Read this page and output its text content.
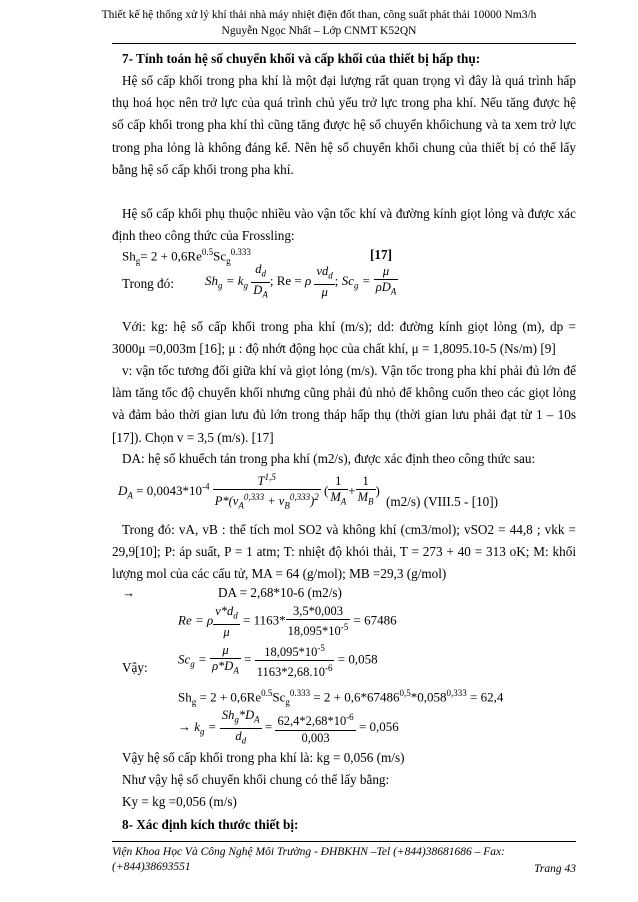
Thiết kế hệ thống xử lý khí thải nhà máy nhiệt điện đốt than, công suất phát thải 10000 Nm3/h
Nguyễn Ngọc Nhất – Lớp CNMT K52QN
7- Tính toán hệ số chuyển khối và cấp khối của thiết bị hấp thụ:
Hệ số cấp khối trong pha khí là một đại lượng rất quan trọng vì đây là quá trình hấp thụ hoá học nên trở lực của quá trình chủ yếu trở lực trong pha khí. Nếu tăng được hệ số cấp khối trong pha khí thì cũng tăng được hệ số chuyển khốichung và ta xem trở lực trong pha lỏng là không đáng kể. Nên hệ số chuyển khối chung của thiết bị có thể lấy bằng hệ số cấp khối trong pha khí.
Hệ số cấp khối phụ thuộc nhiều vào vận tốc khí và đường kính giọt lỏng và được xác định theo công thức của Frossling:
$Sh_g= 2 + 0,6Re^{0.5}Sc_g^{0.333}$	[17]
Trong đó: $Sh_g = k_g \frac{d_d}{D_A}$ ; Re = ρ $\frac{vd_d}{\mu}$ ; $Sc_g = \frac{\mu}{\rho D_A}$
Với: kg: hệ số cấp khối trong pha khí (m/s); dd: đường kính giọt lỏng (m), dp = 3000μ =0,003m [16]; μ : độ nhớt động học của chất khí, μ = 1,8095.10-5 (Ns/m) [9]
v: vận tốc tương đối giữa khí và giọt lỏng (m/s). Vận tốc trong pha khí phải đủ lớn để làm tăng tốc độ chuyển khối nhưng cũng phải đủ nhỏ để không cuốn theo các giọt lỏng và đảm bảo thời gian lưu đủ lớn trong tháp hấp thụ (thời gian lưu phải đạt từ 1 – 10s [17]). Chọn v = 3,5 (m/s). [17]
DA: hệ số khuếch tán trong pha khí (m2/s), được xác định theo công thức sau:
$D_A = 0,0043*10^{-4} \frac{T^{1,5}}{P*(v_A^{0,333} + v_B^{0,333})^2}$ ( $\frac{1}{M_A} + \frac{1}{M_B}$ )
(m2/s) (VIII.5 - [10])
Trong đó: vA, vB : thể tích mol SO2 và không khí (cm3/mol); vSO2 = 44,8 ; vkk = 29,9[10]; P: áp suất, P = 1 atm; T: nhiệt độ khói thải, T = 273 + 40 = 313 oK; M: khối lượng mol của các cấu tử, MA = 64 (g/mol); MB =29,3 (g/mol)
→	DA = 2,68*10-6 (m2/s)
Re = ρ $\frac{v*d_d}{\mu} = 1163* \frac{3,5*0,003}{18,095*10^{-5}} = 67486$
$Sc_g = \frac{\mu}{\rho*D_A} = \frac{18,095*10^{-5}}{1163*2,68.10^{-6}} = 0,058$
Vậy:
$Sh_g = 2 + 0,6Re^{0.5}Sc_g^{0.333} = 2 + 0,6*67486^{0,5}*0,058^{0,333} = 62,4$
→ $k_g = \frac{Sh_g*D_A}{d_d} = \frac{62,4*2,68*10^{-6}}{0,003} = 0,056$
Vậy hệ số cấp khối trong pha khí là: kg = 0,056 (m/s)
Như vậy hệ số chuyển khối chung có thể lấy bằng:
Ky = kg =0,056 (m/s)
8- Xác định kích thước thiết bị:
Viện Khoa Học Và Công Nghệ Môi Trường - ĐHBKHN –Tel (+844)38681686 – Fax: (+844)38693551	Trang 43
